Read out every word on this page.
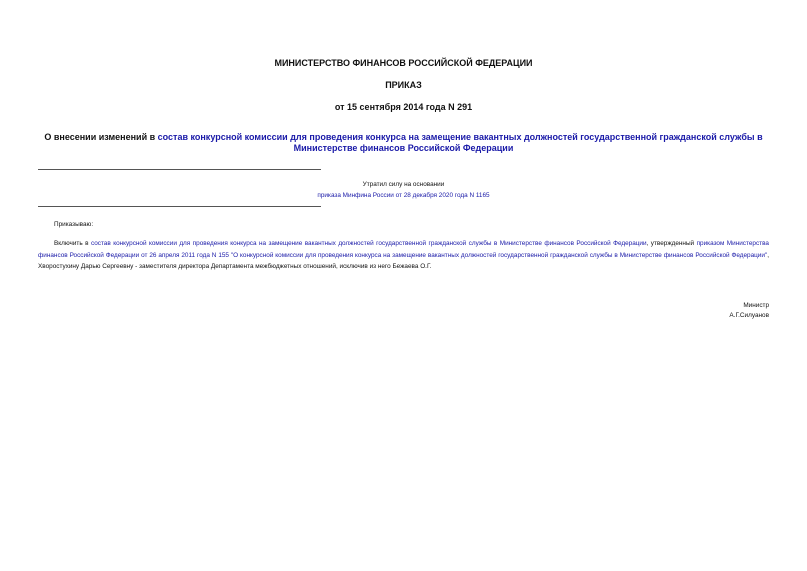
МИНИСТЕРСТВО ФИНАНСОВ РОССИЙСКОЙ ФЕДЕРАЦИИ
ПРИКАЗ
от 15 сентября 2014 года N 291
О внесении изменений в состав конкурсной комиссии для проведения конкурса на замещение вакантных должностей государственной гражданской службы в
Министерстве финансов Российской Федерации
Утратил силу на основании
приказа Минфина России от 28 декабря 2020 года N 1165
Приказываю:
Включить в состав конкурсной комиссии для проведения конкурса на замещение вакантных должностей государственной гражданской службы в Министерстве финансов Российской Федерации, утвержденный приказом Министерства финансов Российской Федерации от 26 апреля 2011 года N 155 "О конкурсной комиссии для проведения конкурса на замещение вакантных должностей государственной гражданской службы в Министерстве финансов Российской Федерации", Хворостухину Дарью Сергеевну - заместителя директора Департамента межбюджетных отношений, исключив из него Бежаева О.Г.
Министр
А.Г.Силуанов
